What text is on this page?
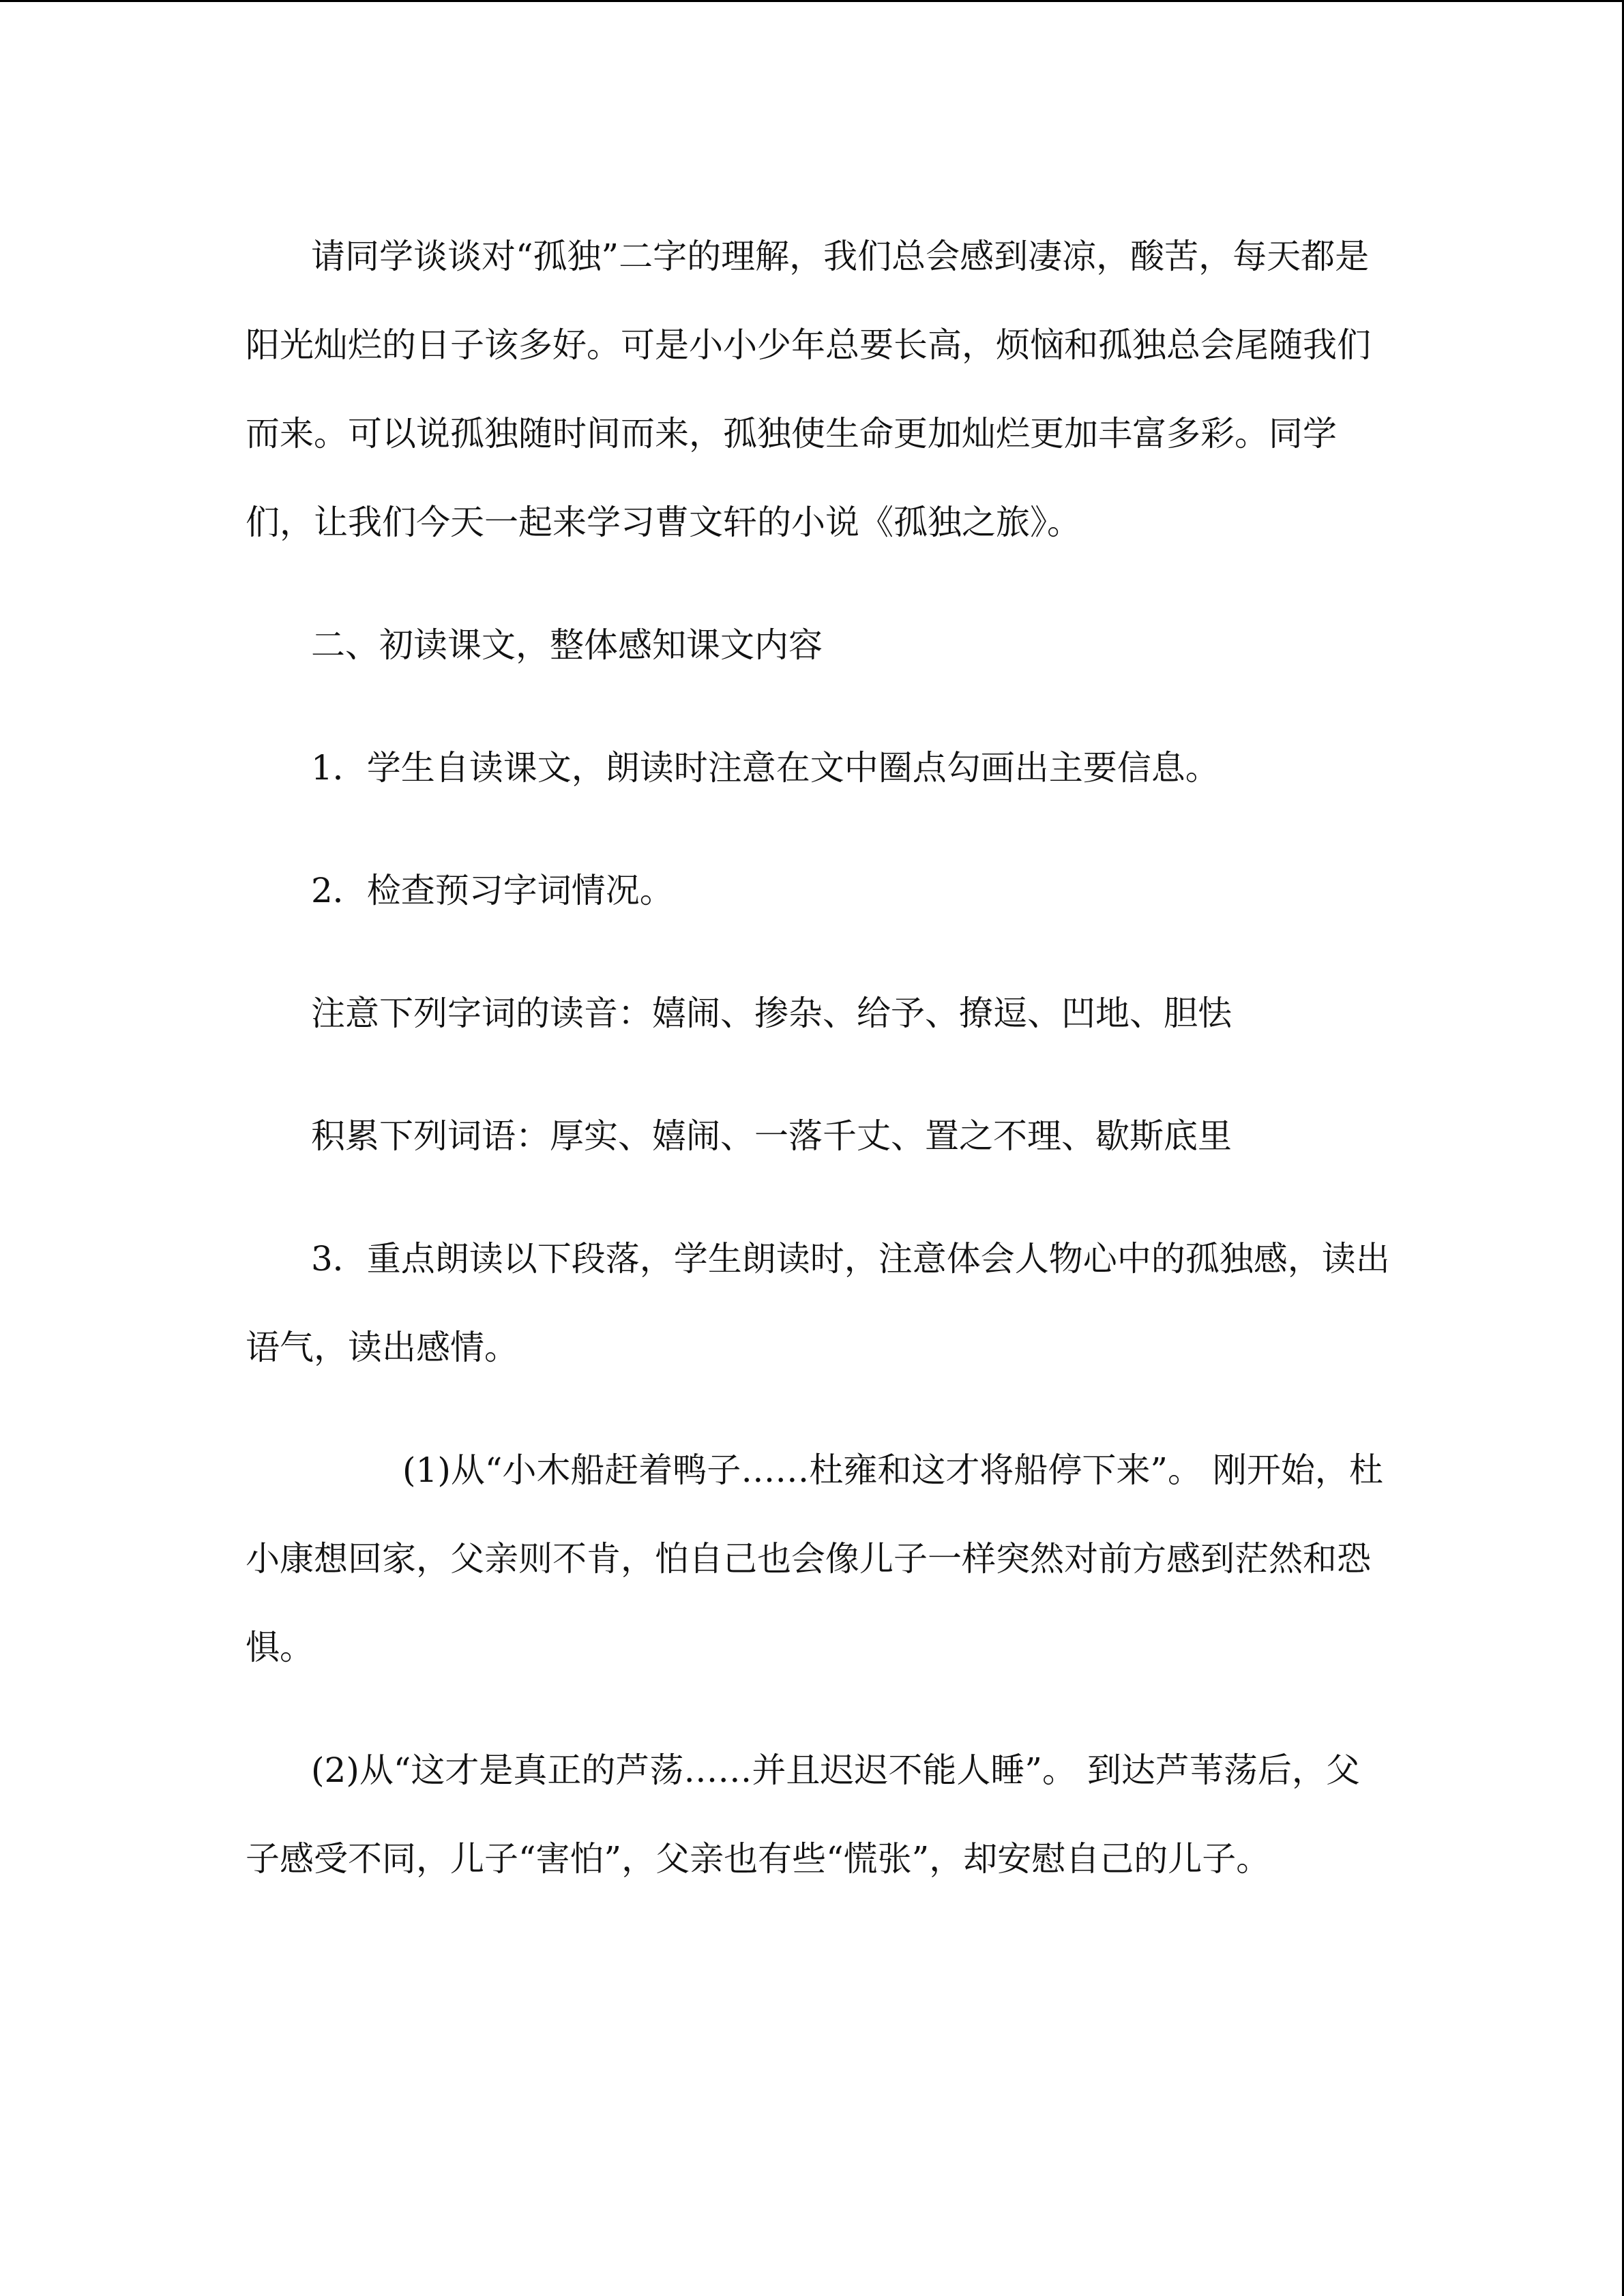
请同学谈谈对“孤独”二字的理解，我们总会感到凄凉，酸苦，每天都是阳光灿烂的日子该多好。可是小小少年总要长高，烦恼和孤独总会尾随我们而来。可以说孤独随时间而来，孤独使生命更加灿烂更加丰富多彩。同学们，让我们今天一起来学习曹文轩的小说《孤独之旅》。

二、初读课文，整体感知课文内容

1．学生自读课文，朗读时注意在文中圈点勾画出主要信息。

2．检查预习字词情况。

注意下列字词的读音：嬉闹、掺杂、给予、撩逗、凹地、胆怯

积累下列词语：厚实、嬉闹、一落千丈、置之不理、歇斯底里

3．重点朗读以下段落，学生朗读时，注意体会人物心中的孤独感，读出语气，读出感情。

(1)从“小木船赶着鸭子……杜雍和这才将船停下来”。 刚开始，杜小康想回家，父亲则不肯，怕自己也会像儿子一样突然对前方感到茫然和恐惧。

(2)从“这才是真正的芦荡……并且迟迟不能人睡”。 到达芦苇荡后，父子感受不同，儿子“害怕”，父亲也有些“慌张”，却安慰自己的儿子。
